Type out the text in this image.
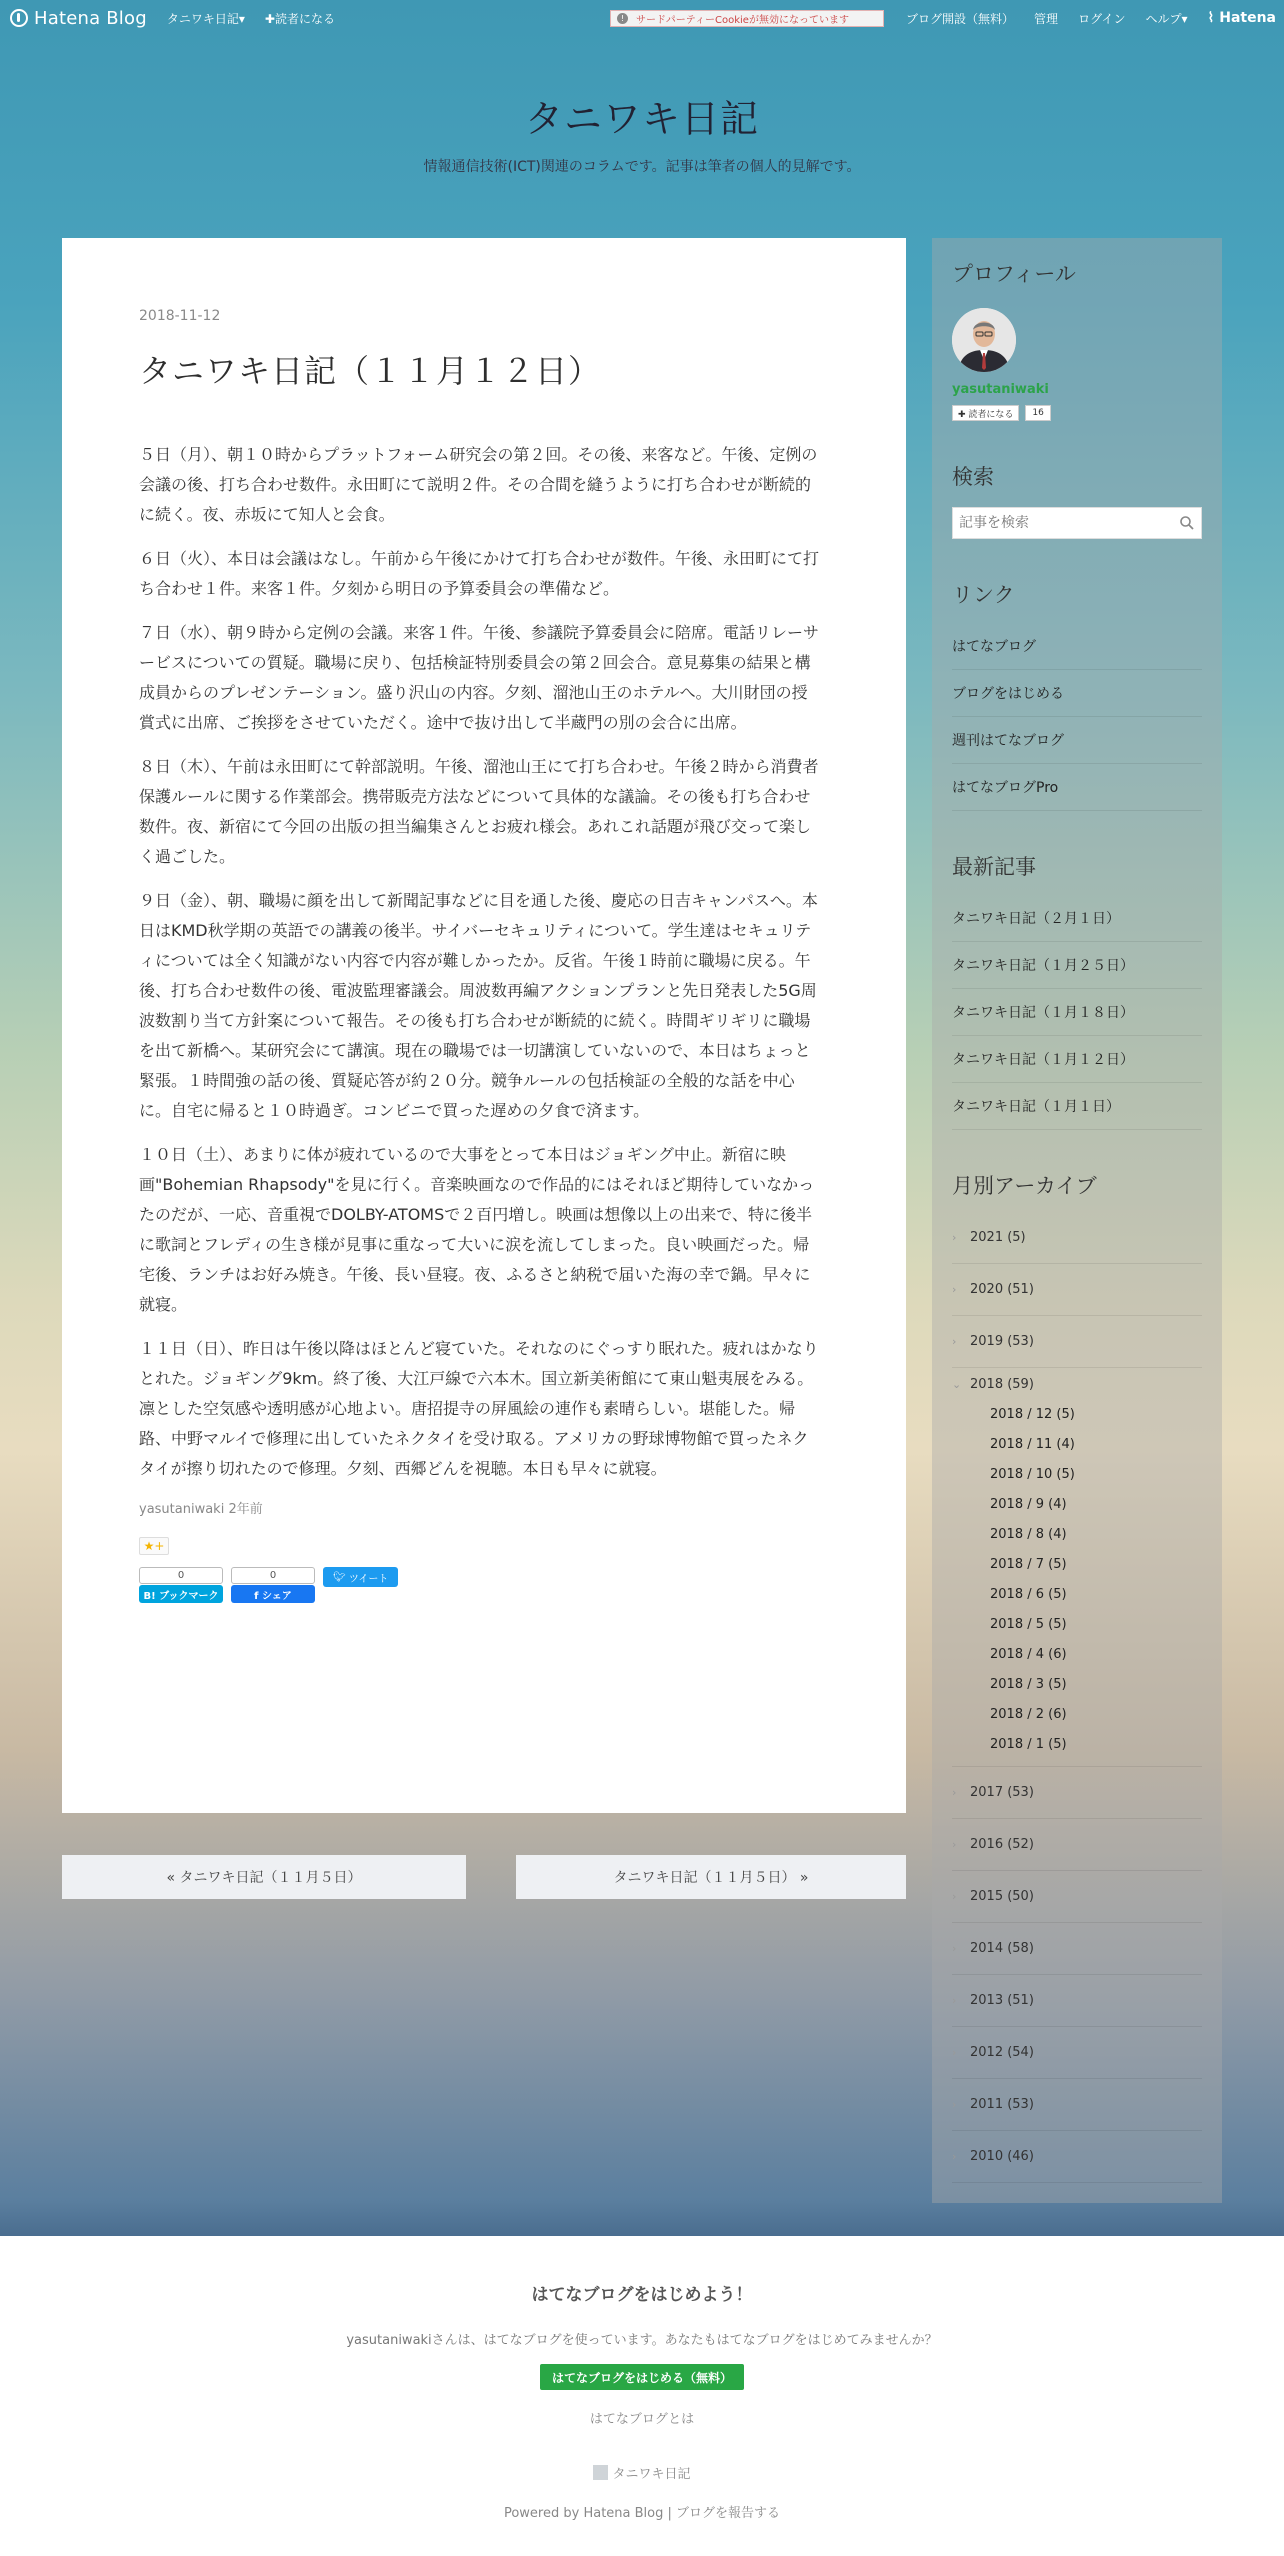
Hatena Blog タニワキ日記▾ ✚読者になる	!	サードパーティーCookieが無効になっています	ブログ開設（無料） 管理 ログイン ヘルプ▾ ⌇ Hatena
タニワキ日記
情報通信技術(ICT)関連のコラムです。記事は筆者の個人的見解です。
2018-11-12
タニワキ日記（１１月１２日）

５日（月）、朝１０時からプラットフォーム研究会の第２回。その後、来客など。午後、定例の会議の後、打ち合わせ数件。永田町にて説明２件。その合間を縫うように打ち合わせが断続的に続く。夜、赤坂にて知人と会食。

６日（火）、本日は会議はなし。午前から午後にかけて打ち合わせが数件。午後、永田町にて打ち合わせ１件。来客１件。夕刻から明日の予算委員会の準備など。

７日（水）、朝９時から定例の会議。来客１件。午後、参議院予算委員会に陪席。電話リレーサービスについての質疑。職場に戻り、包括検証特別委員会の第２回会合。意見募集の結果と構成員からのプレゼンテーション。盛り沢山の内容。夕刻、溜池山王のホテルへ。大川財団の授賞式に出席、ご挨拶をさせていただく。途中で抜け出して半蔵門の別の会合に出席。

８日（木）、午前は永田町にて幹部説明。午後、溜池山王にて打ち合わせ。午後２時から消費者保護ルールに関する作業部会。携帯販売方法などについて具体的な議論。その後も打ち合わせ数件。夜、新宿にて今回の出版の担当編集さんとお疲れ様会。あれこれ話題が飛び交って楽しく過ごした。

９日（金）、朝、職場に顔を出して新聞記事などに目を通した後、慶応の日吉キャンパスへ。本日はKMD秋学期の英語での講義の後半。サイバーセキュリティについて。学生達はセキュリティについては全く知識がない内容で内容が難しかったか。反省。午後１時前に職場に戻る。午後、打ち合わせ数件の後、電波監理審議会。周波数再編アクションプランと先日発表した5G周波数割り当て方針案について報告。その後も打ち合わせが断続的に続く。時間ギリギリに職場を出て新橋へ。某研究会にて講演。現在の職場では一切講演していないので、本日はちょっと緊張。１時間強の話の後、質疑応答が約２０分。競争ルールの包括検証の全般的な話を中心に。自宅に帰ると１０時過ぎ。コンビニで買った遅めの夕食で済ます。

１０日（土）、あまりに体が疲れているので大事をとって本日はジョギング中止。新宿に映画"Bohemian Rhapsody"を見に行く。音楽映画なので作品的にはそれほど期待していなかったのだが、一応、音重視でDOLBY-ATOMSで２百円増し。映画は想像以上の出来で、特に後半に歌詞とフレディの生き様が見事に重なって大いに涙を流してしまった。良い映画だった。帰宅後、ランチはお好み焼き。午後、長い昼寝。夜、ふるさと納税で届いた海の幸で鍋。早々に就寝。

１１日（日）、昨日は午後以降はほとんど寝ていた。それなのにぐっすり眠れた。疲れはかなりとれた。ジョギング9km。終了後、大江戸線で六本木。国立新美術館にて東山魁夷展をみる。凛とした空気感や透明感が心地よい。唐招提寺の屏風絵の連作も素晴らしい。堪能した。帰路、中野マルイで修理に出していたネクタイを受け取る。アメリカの野球博物館で買ったネクタイが擦り切れたので修理。夕刻、西郷どんを視聴。本日も早々に就寝。

yasutaniwaki 2年前
★+
0
B! ブックマーク
0
f シェア
🐦︎ ツイート
« タニワキ日記（１１月５日）	タニワキ日記（１１月５日） »
プロフィール
yasutaniwaki
✚ 読者になる	16
検索
記事を検索
リンク
はてなブログ
ブログをはじめる
週刊はてなブログ
はてなブログPro
最新記事
タニワキ日記（２月１日）
タニワキ日記（１月２５日）
タニワキ日記（１月１８日）
タニワキ日記（１月１２日）
タニワキ日記（１月１日）
月別アーカイブ
›	2021 (5)
›	2020 (51)
›	2019 (53)
⌄ 2018 (59)
2018 / 12 (5)
2018 / 11 (4)
2018 / 10 (5)
2018 / 9 (4)
2018 / 8 (4)
2018 / 7 (5)
2018 / 6 (5)
2018 / 5 (5)
2018 / 4 (6)
2018 / 3 (5)
2018 / 2 (6)
2018 / 1 (5)
›	2017 (53)
›	2016 (52)
›	2015 (50)
›	2014 (58)
›	2013 (51)
›	2012 (54)
›	2011 (53)
›	2010 (46)
はてなブログをはじめよう！
yasutaniwakiさんは、はてなブログを使っています。あなたもはてなブログをはじめてみませんか？
はてなブログをはじめる（無料）
はてなブログとは
タニワキ日記
Powered by Hatena Blog | ブログを報告する
